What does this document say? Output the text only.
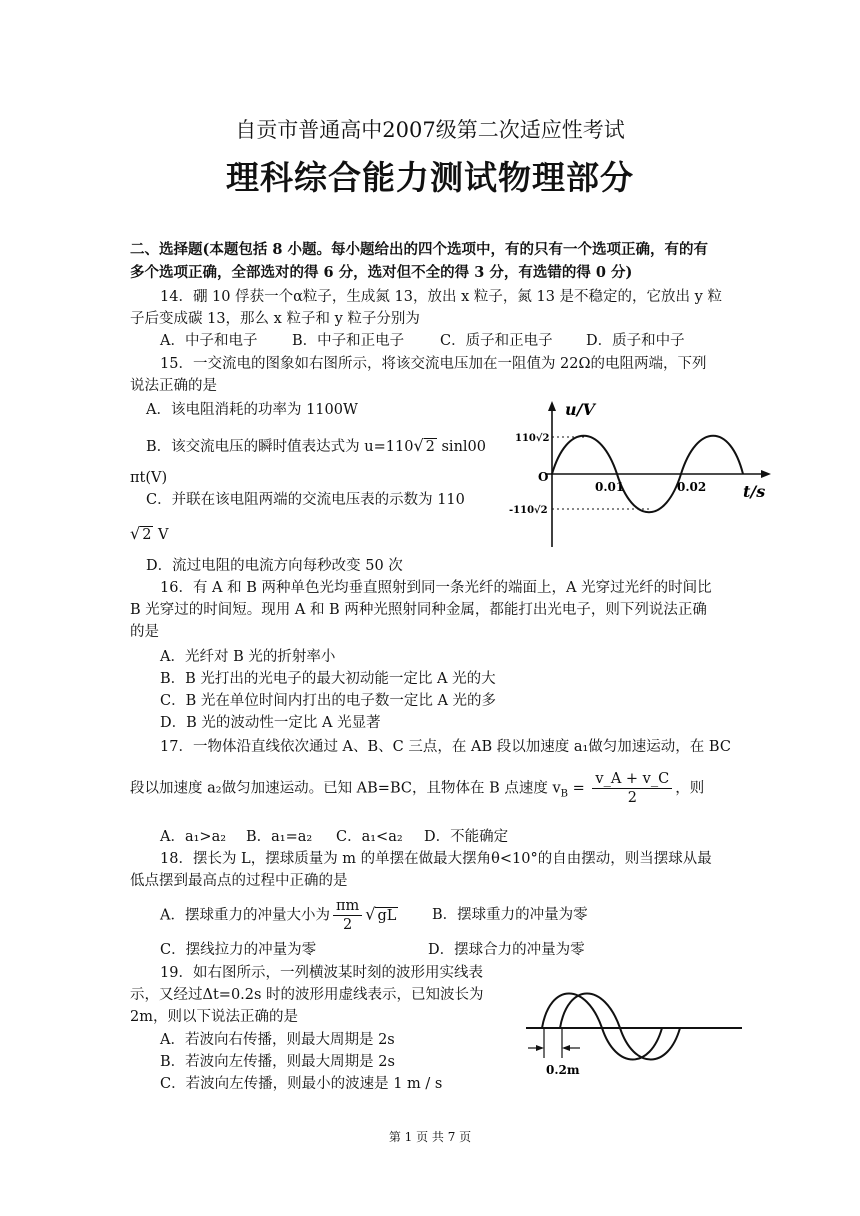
自贡市普通高中2007级第二次适应性考试
理科综合能力测试物理部分
二、选择题(本题包括 8 小题。每小题给出的四个选项中，有的只有一个选项正确，有的有
多个选项正确，全部选对的得 6 分，选对但不全的得 3 分，有选错的得 0 分)
14．硼 10 俘获一个α粒子，生成氮 13，放出 x 粒子，氮 13 是不稳定的，它放出 y 粒
子后变成碳 13，那么 x 粒子和 y 粒子分别为
A．中子和电子 B．中子和正电子 C．质子和正电子 D．质子和中子
15．一交流电的图象如右图所示，将该交流电压加在一阻值为 22Ω的电阻两端，下列
说法正确的是
A．该电阻消耗的功率为 1100W
B．该交流电压的瞬时值表达式为 u=110√ 2 sinl00
πt(V)
C．并联在该电阻两端的交流电压表的示数为 110
√ 2 V
D．流过电阻的电流方向每秒改变 50 次
u/V
t/s
110√2
-110√2
O
0.01	0.02
16．有 A 和 B 两种单色光均垂直照射到同一条光纤的端面上，A 光穿过光纤的时间比
B 光穿过的时间短。现用 A 和 B 两种光照射同种金属，都能打出光电子，则下列说法正确
的是
A．光纤对 B 光的折射率小
B．B 光打出的光电子的最大初动能一定比 A 光的大
C．B 光在单位时间内打出的电子数一定比 A 光的多
D．B 光的波动性一定比 A 光显著
17．一物体沿直线依次通过 A、B、C 三点，在 AB 段以加速度 a₁做匀加速运动，在 BC
段以加速度 a₂做匀加速运动。已知 AB=BC，且物体在 B 点速度 $v_B = \frac{v\_A + v\_C}{2}$ ，则
A．a₁>a₂ B．a₁=a₂ C．a₁<a₂ D．不能确定
18．摆长为 L，摆球质量为 m 的单摆在做最大摆角θ<10°的自由摆动，则当摆球从最
低点摆到最高点的过程中正确的是
A．摆球重力的冲量大小为 $\frac{\pi m}{2}$ √ gL B．摆球重力的冲量为零
C．摆线拉力的冲量为零	D．摆球合力的冲量为零
19．如右图所示，一列横波某时刻的波形用实线表
示，又经过Δt=0.2s 时的波形用虚线表示，已知波长为
2m，则以下说法正确的是
A．若波向右传播，则最大周期是 2s
B．若波向左传播，则最大周期是 2s
C．若波向左传播，则最小的波速是 1 m / s
0.2m
第 1 页 共 7 页
